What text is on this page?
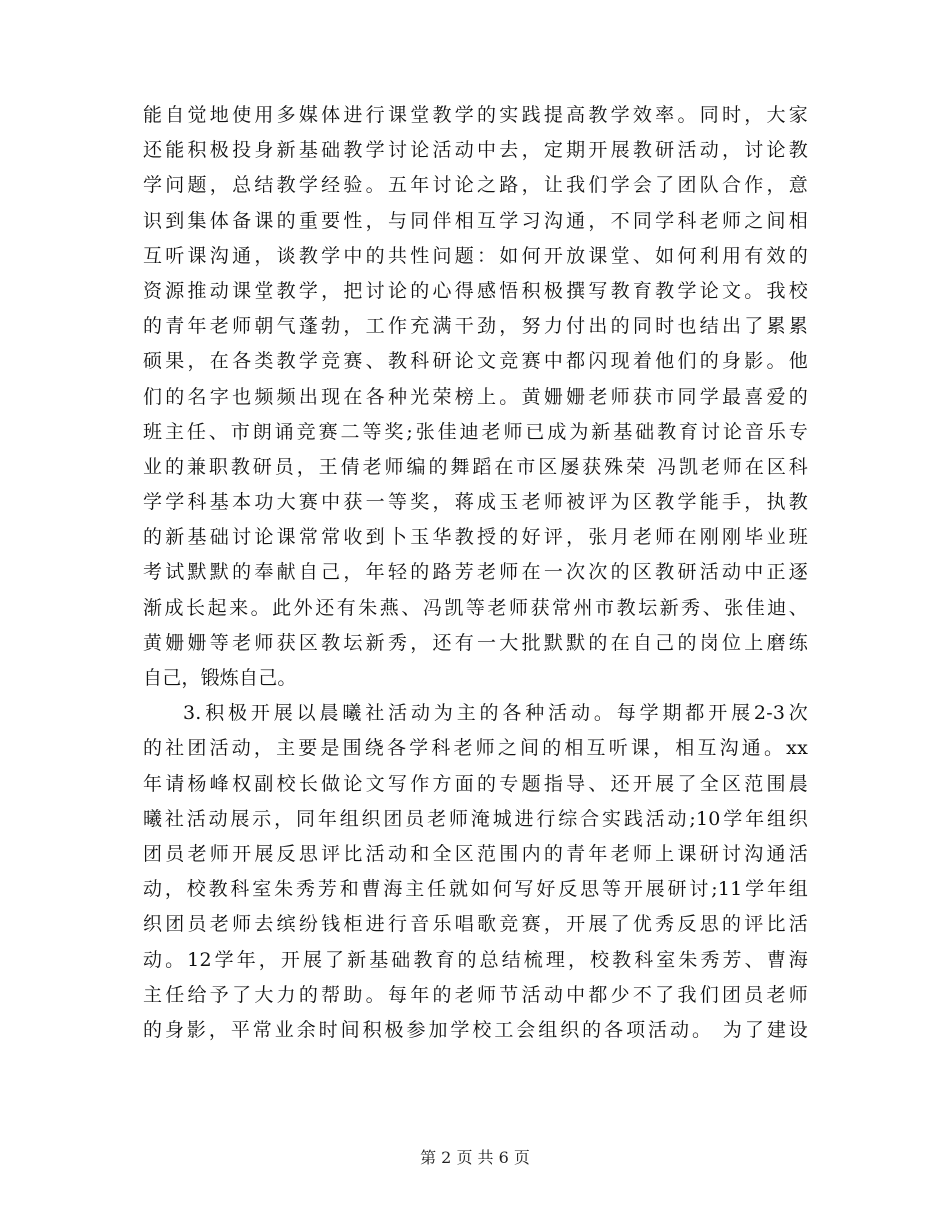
能自觉地使用多媒体进行课堂教学的实践提高教学效率。同时，大家
还能积极投身新基础教学讨论活动中去，定期开展教研活动，讨论教
学问题，总结教学经验。五年讨论之路，让我们学会了团队合作，意
识到集体备课的重要性，与同伴相互学习沟通，不同学科老师之间相
互听课沟通，谈教学中的共性问题：如何开放课堂、如何利用有效的
资源推动课堂教学，把讨论的心得感悟积极撰写教育教学论文。我校
的青年老师朝气蓬勃，工作充满干劲，努力付出的同时也结出了累累
硕果，在各类教学竞赛、教科研论文竞赛中都闪现着他们的身影。他
们的名字也频频出现在各种光荣榜上。黄姗姗老师获市同学最喜爱的
班主任、市朗诵竞赛二等奖;张佳迪老师已成为新基础教育讨论音乐专
业的兼职教研员，王倩老师编的舞蹈在市区屡获殊荣 冯凯老师在区科
学学科基本功大赛中获一等奖，蒋成玉老师被评为区教学能手，执教
的新基础讨论课常常收到卜玉华教授的好评，张月老师在刚刚毕业班
考试默默的奉献自己，年轻的路芳老师在一次次的区教研活动中正逐
渐成长起来。此外还有朱燕、冯凯等老师获常州市教坛新秀、张佳迪、
黄姗姗等老师获区教坛新秀，还有一大批默默的在自己的岗位上磨练
自己，锻炼自己。
3.积极开展以晨曦社活动为主的各种活动。每学期都开展2-3次
的社团活动，主要是围绕各学科老师之间的相互听课，相互沟通。xx
年请杨峰权副校长做论文写作方面的专题指导、还开展了全区范围晨
曦社活动展示，同年组织团员老师淹城进行综合实践活动;10学年组织
团员老师开展反思评比活动和全区范围内的青年老师上课研讨沟通活
动，校教科室朱秀芳和曹海主任就如何写好反思等开展研讨;11学年组
织团员老师去缤纷钱柜进行音乐唱歌竞赛，开展了优秀反思的评比活
动。12学年，开展了新基础教育的总结梳理，校教科室朱秀芳、曹海
主任给予了大力的帮助。每年的老师节活动中都少不了我们团员老师
的身影，平常业余时间积极参加学校工会组织的各项活动。 为了建设
第 2 页 共 6 页
